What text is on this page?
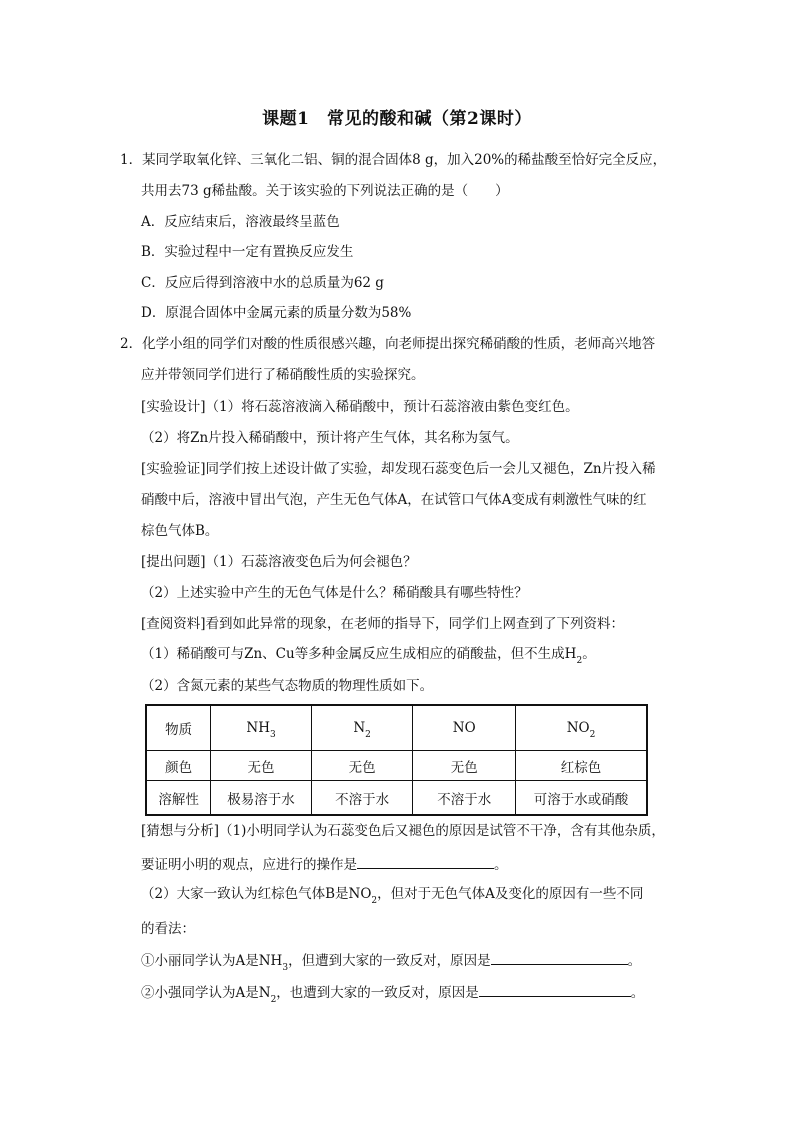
课题1　常见的酸和碱（第2课时）
1．某同学取氧化锌、三氧化二铝、铜的混合固体8 g，加入20%的稀盐酸至恰好完全反应，
共用去73 g稀盐酸。关于该实验的下列说法正确的是（　　）
A．反应结束后，溶液最终呈蓝色
B．实验过程中一定有置换反应发生
C．反应后得到溶液中水的总质量为62 g
D．原混合固体中金属元素的质量分数为58%
2．化学小组的同学们对酸的性质很感兴趣，向老师提出探究稀硝酸的性质，老师高兴地答
应并带领同学们进行了稀硝酸性质的实验探究。
[实验设计]（1）将石蕊溶液滴入稀硝酸中，预计石蕊溶液由紫色变红色。
（2）将Zn片投入稀硝酸中，预计将产生气体，其名称为氢气。
[实验验证]同学们按上述设计做了实验，却发现石蕊变色后一会儿又褪色，Zn片投入稀
硝酸中后，溶液中冒出气泡，产生无色气体A，在试管口气体A变成有刺激性气味的红
棕色气体B。
[提出问题]（1）石蕊溶液变色后为何会褪色？
（2）上述实验中产生的无色气体是什么？稀硝酸具有哪些特性？
[查阅资料]看到如此异常的现象，在老师的指导下，同学们上网查到了下列资料：
（1）稀硝酸可与Zn、Cu等多种金属反应生成相应的硝酸盐，但不生成$H_2$。
（2）含氮元素的某些气态物质的物理性质如下。
物质	$NH_3$	$N_2$	NO	$NO_2$
颜色	无色	无色	无色	红棕色
溶解性	极易溶于水	不溶于水	不溶于水	可溶于水或硝酸
[猜想与分析]（1)小明同学认为石蕊变色后又褪色的原因是试管不干净，含有其他杂质，
要证明小明的观点，应进行的操作是	。
（2）大家一致认为红棕色气体B是$NO_2$，但对于无色气体A及变化的原因有一些不同
的看法：
①小丽同学认为A是$NH_3$，但遭到大家的一致反对，原因是	。
②小强同学认为A是$N_2$，也遭到大家的一致反对，原因是	。
